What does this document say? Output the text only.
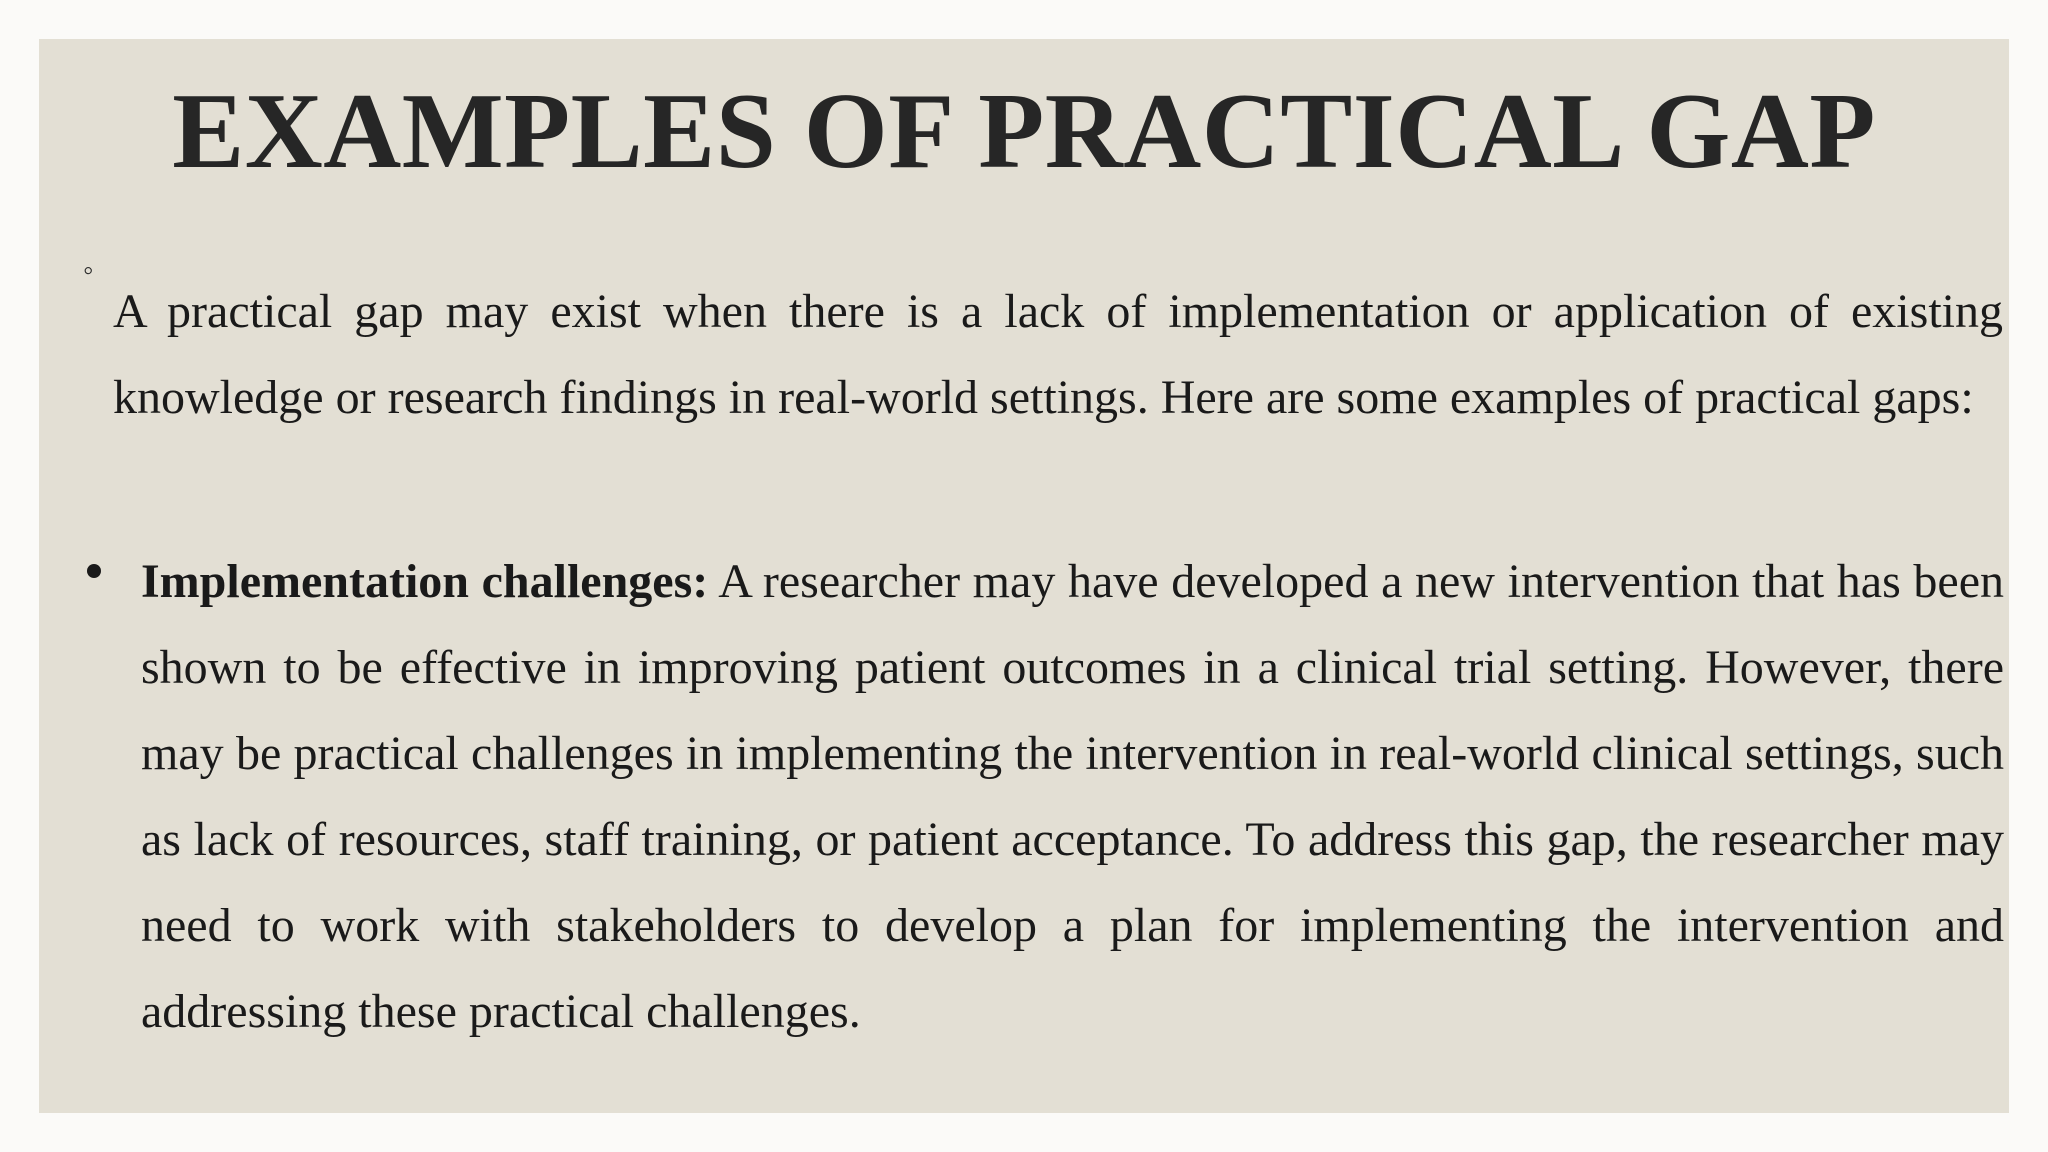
EXAMPLES OF PRACTICAL GAP
◦
A practical gap may exist when there is a lack of implementation or application of existing knowledge or research findings in real-world settings. Here are some examples of practical gaps:
Implementation challenges: A researcher may have developed a new intervention that has been shown to be effective in improving patient outcomes in a clinical trial setting. However, there may be practical challenges in implementing the intervention in real-world clinical settings, such as lack of resources, staff training, or patient acceptance. To address this gap, the researcher may need to work with stakeholders to develop a plan for implementing the intervention and addressing these practical challenges.
